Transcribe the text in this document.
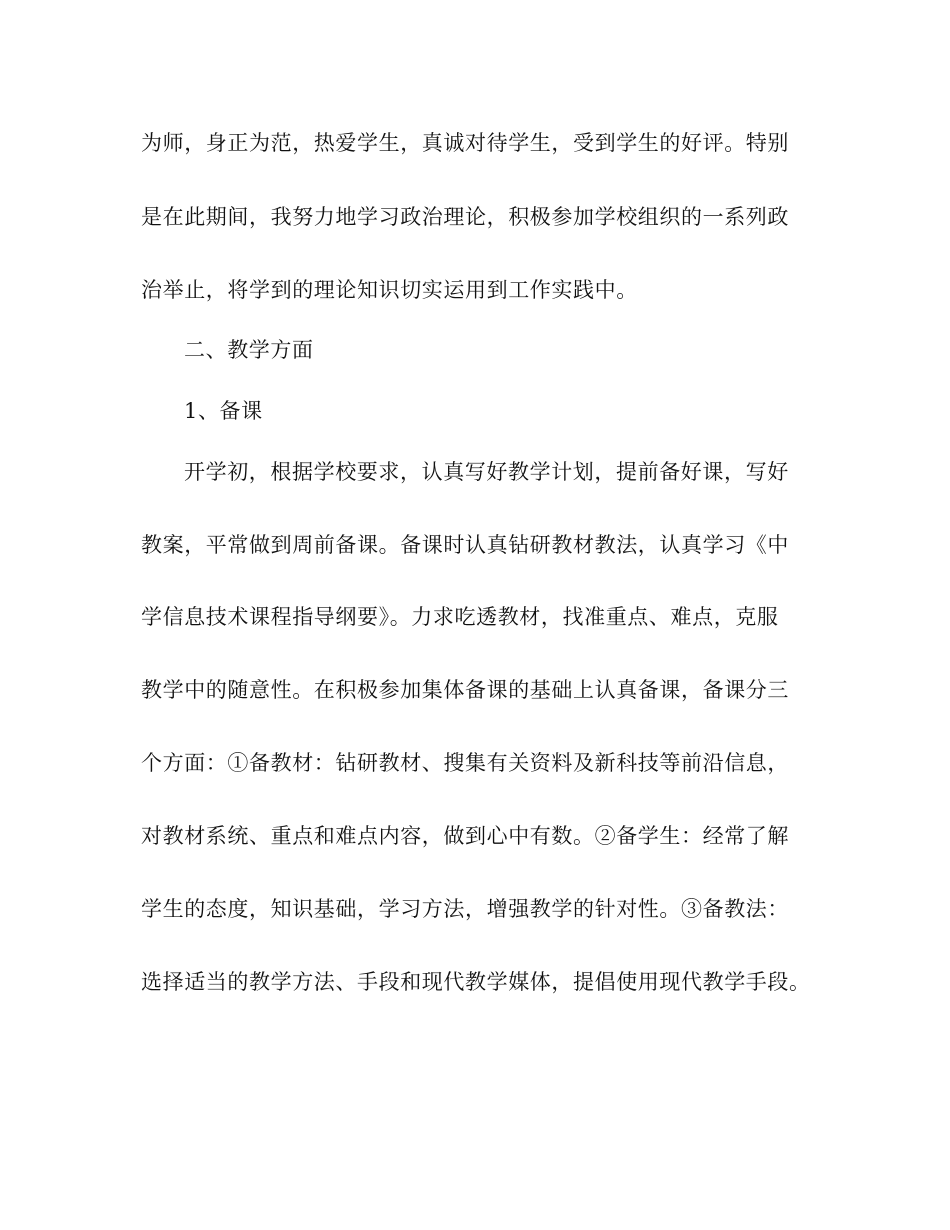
为师，身正为范，热爱学生，真诚对待学生，受到学生的好评。特别
是在此期间，我努力地学习政治理论，积极参加学校组织的一系列政
治举止，将学到的理论知识切实运用到工作实践中。
二、教学方面
1、备课
开学初，根据学校要求，认真写好教学计划，提前备好课，写好
教案，平常做到周前备课。备课时认真钻研教材教法，认真学习《中
学信息技术课程指导纲要》。力求吃透教材，找准重点、难点，克服
教学中的随意性。在积极参加集体备课的基础上认真备课，备课分三
个方面：①备教材：钻研教材、搜集有关资料及新科技等前沿信息，
对教材系统、重点和难点内容，做到心中有数。②备学生：经常了解
学生的态度，知识基础，学习方法，增强教学的针对性。③备教法：
选择适当的教学方法、手段和现代教学媒体，提倡使用现代教学手段。
